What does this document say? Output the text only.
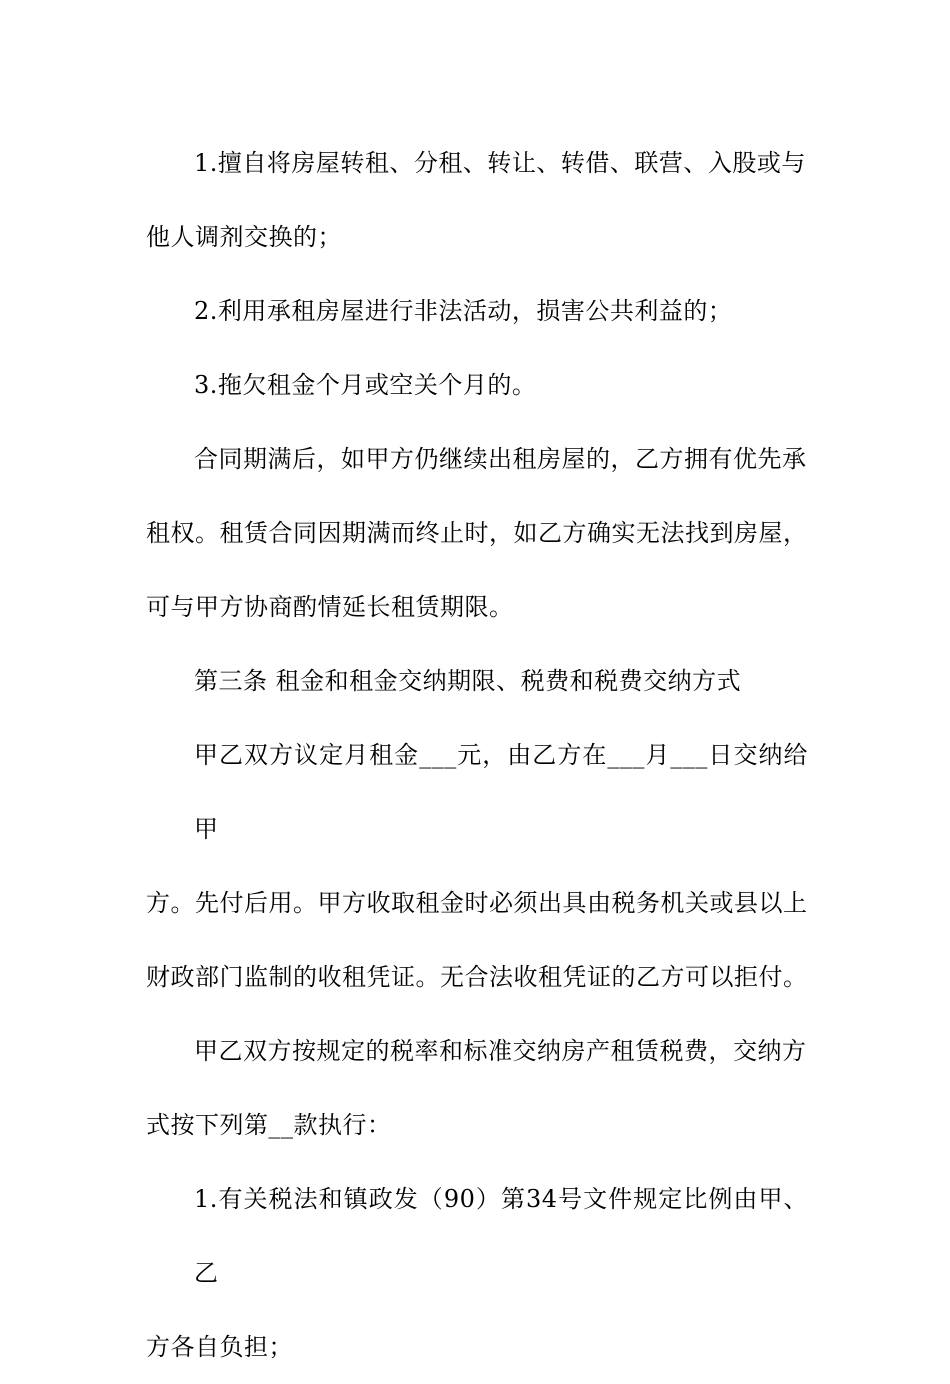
1.擅自将房屋转租、分租、转让、转借、联营、入股或与
他人调剂交换的；

2.利用承租房屋进行非法活动，损害公共利益的；

3.拖欠租金个月或空关个月的。

合同期满后，如甲方仍继续出租房屋的，乙方拥有优先承
租权。租赁合同因期满而终止时，如乙方确实无法找到房屋，
可与甲方协商酌情延长租赁期限。

第三条 租金和租金交纳期限、税费和税费交纳方式

甲乙双方议定月租金___元，由乙方在___月___日交纳给甲
方。先付后用。甲方收取租金时必须出具由税务机关或县以上
财政部门监制的收租凭证。无合法收租凭证的乙方可以拒付。

甲乙双方按规定的税率和标准交纳房产租赁税费，交纳方
式按下列第__款执行：

1.有关税法和镇政发（90）第34号文件规定比例由甲、乙
方各自负担；
